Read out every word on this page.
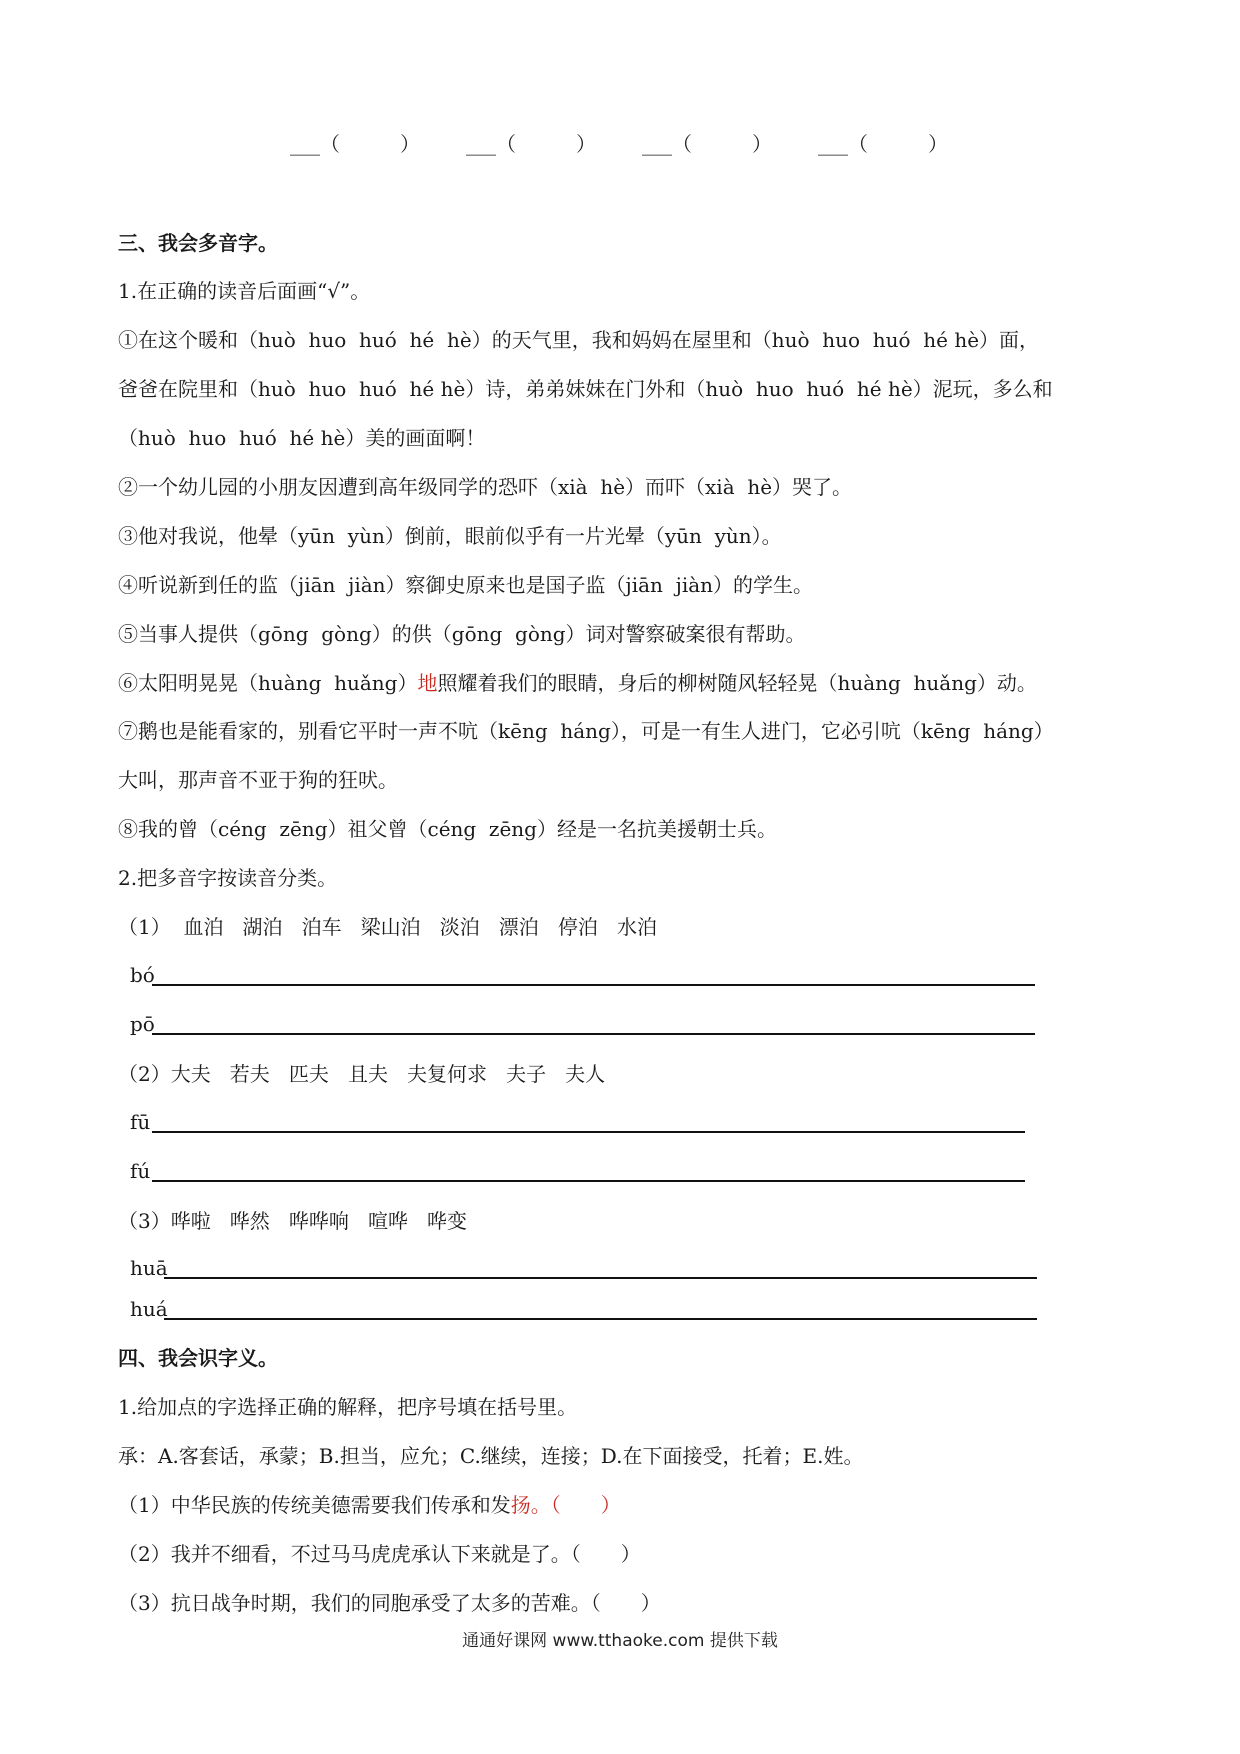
___（　　　） ___（　　　） ___（　　　） ___（　　　）
三、我会多音字。
1.在正确的读音后面画“√”。
①在这个暖和（huò  huo  huó  hé  hè）的天气里，我和妈妈在屋里和（huò  huo  huó  hé hè）面，
爸爸在院里和（huò  huo  huó  hé hè）诗，弟弟妹妹在门外和（huò  huo  huó  hé hè）泥玩，多么和
（huò  huo  huó  hé hè）美的画面啊！
②一个幼儿园的小朋友因遭到高年级同学的恐吓（xià  hè）而吓（xià  hè）哭了。
③他对我说，他晕（yūn  yùn）倒前，眼前似乎有一片光晕（yūn  yùn）。
④听说新到任的监（jiān  jiàn）察御史原来也是国子监（jiān  jiàn）的学生。
⑤当事人提供（gōng  gòng）的供（gōng  gòng）词对警察破案很有帮助。
⑥太阳明晃晃（huàng  huǎng）地照耀着我们的眼睛，身后的柳树随风轻轻晃（huàng  huǎng）动。
⑦鹅也是能看家的，别看它平时一声不吭（kēng  háng），可是一有生人进门，它必引吭（kēng  háng）
大叫，那声音不亚于狗的狂吠。
⑧我的曾（céng  zēng）祖父曾（céng  zēng）经是一名抗美援朝士兵。
2.把多音字按读音分类。
（1）  血泊   湖泊   泊车   梁山泊   淡泊   漂泊   停泊   水泊
bó
pō
（2）大夫   若夫   匹夫   且夫   夫复何求   夫子   夫人
fū
fú
（3）哗啦   哗然   哗哗响   喧哗   哗变
huā
huá
四、我会识字义。
1.给加点的字选择正确的解释，把序号填在括号里。
承：A.客套话，承蒙；B.担当，应允；C.继续，连接；D.在下面接受，托着；E.姓。
（1）中华民族的传统美德需要我们传承和发扬。（　　）
（2）我并不细看，不过马马虎虎承认下来就是了。（　　）
（3）抗日战争时期，我们的同胞承受了太多的苦难。（　　）
通通好课网 www.tthaoke.com 提供下载
